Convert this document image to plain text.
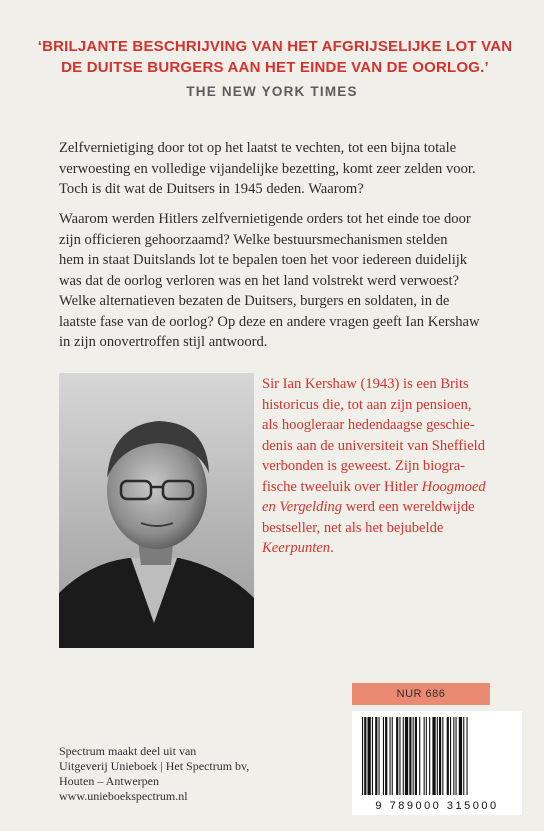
‘BRILJANTE BESCHRIJVING VAN HET AFGRIJSELIJKE LOT VAN
DE DUITSE BURGERS AAN HET EINDE VAN DE OORLOG.’
THE NEW YORK TIMES
Zelfvernietiging door tot op het laatst te vechten, tot een bijna totale
verwoesting en volledige vijandelijke bezetting, komt zeer zelden voor.
Toch is dit wat de Duitsers in 1945 deden. Waarom?
Waarom werden Hitlers zelfvernietigende orders tot het einde toe door
zijn officieren gehoorzaamd? Welke bestuursmechanismen stelden
hem in staat Duitslands lot te bepalen toen het voor iedereen duidelijk
was dat de oorlog verloren was en het land volstrekt werd verwoest?
Welke alternatieven bezaten de Duitsers, burgers en soldaten, in de
laatste fase van de oorlog? Op deze en andere vragen geeft Ian Kershaw
in zijn onovertroffen stijl antwoord.
Sir Ian Kershaw (1943) is een Brits
historicus die, tot aan zijn pensioen,
als hoogleraar hedendaagse geschie-
denis aan de universiteit van Sheffield
verbonden is geweest. Zijn biogra-
fische tweeluik over Hitler Hoogmoed
en Vergelding werd een wereldwijde
bestseller, net als het bejubelde
Keerpunten.
NUR 686
9 789000 315000
Spectrum maakt deel uit van
Uitgeverij Unieboek | Het Spectrum bv,
Houten – Antwerpen
www.unieboekspectrum.nl
